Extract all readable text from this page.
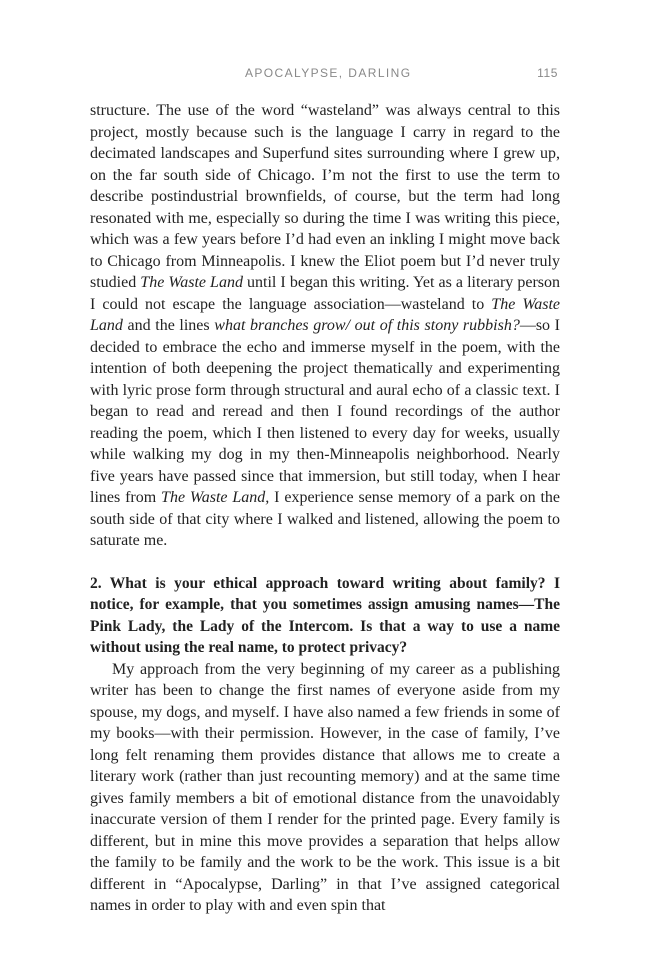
APOCALYPSE, DARLING	115

structure. The use of the word “wasteland” was always central to this project, mostly because such is the language I carry in regard to the decimated landscapes and Superfund sites surrounding where I grew up, on the far south side of Chicago. I’m not the first to use the term to describe postindustrial brownfields, of course, but the term had long resonated with me, especially so during the time I was writing this piece, which was a few years before I’d had even an inkling I might move back to Chicago from Minneapolis. I knew the Eliot poem but I’d never truly studied The Waste Land until I began this writing. Yet as a literary person I could not escape the language association—wasteland to The Waste Land and the lines what branches grow/ out of this stony rubbish?—so I decided to embrace the echo and immerse myself in the poem, with the intention of both deepening the project thematically and experimenting with lyric prose form through structural and aural echo of a classic text. I began to read and reread and then I found recordings of the author reading the poem, which I then listened to every day for weeks, usually while walking my dog in my then-Minneapolis neighborhood. Nearly five years have passed since that immersion, but still today, when I hear lines from The Waste Land, I experience sense memory of a park on the south side of that city where I walked and listened, allowing the poem to saturate me.

2. What is your ethical approach toward writing about family? I notice, for example, that you sometimes assign amusing names—The Pink Lady, the Lady of the Intercom. Is that a way to use a name without using the real name, to protect privacy?

My approach from the very beginning of my career as a publishing writer has been to change the first names of everyone aside from my spouse, my dogs, and myself. I have also named a few friends in some of my books—with their permission. However, in the case of family, I’ve long felt renaming them provides distance that allows me to create a literary work (rather than just recounting memory) and at the same time gives family members a bit of emotional distance from the unavoidably inaccurate version of them I render for the printed page. Every family is different, but in mine this move provides a separation that helps allow the family to be family and the work to be the work. This issue is a bit different in “Apocalypse, Darling” in that I’ve assigned categorical names in order to play with and even spin that
